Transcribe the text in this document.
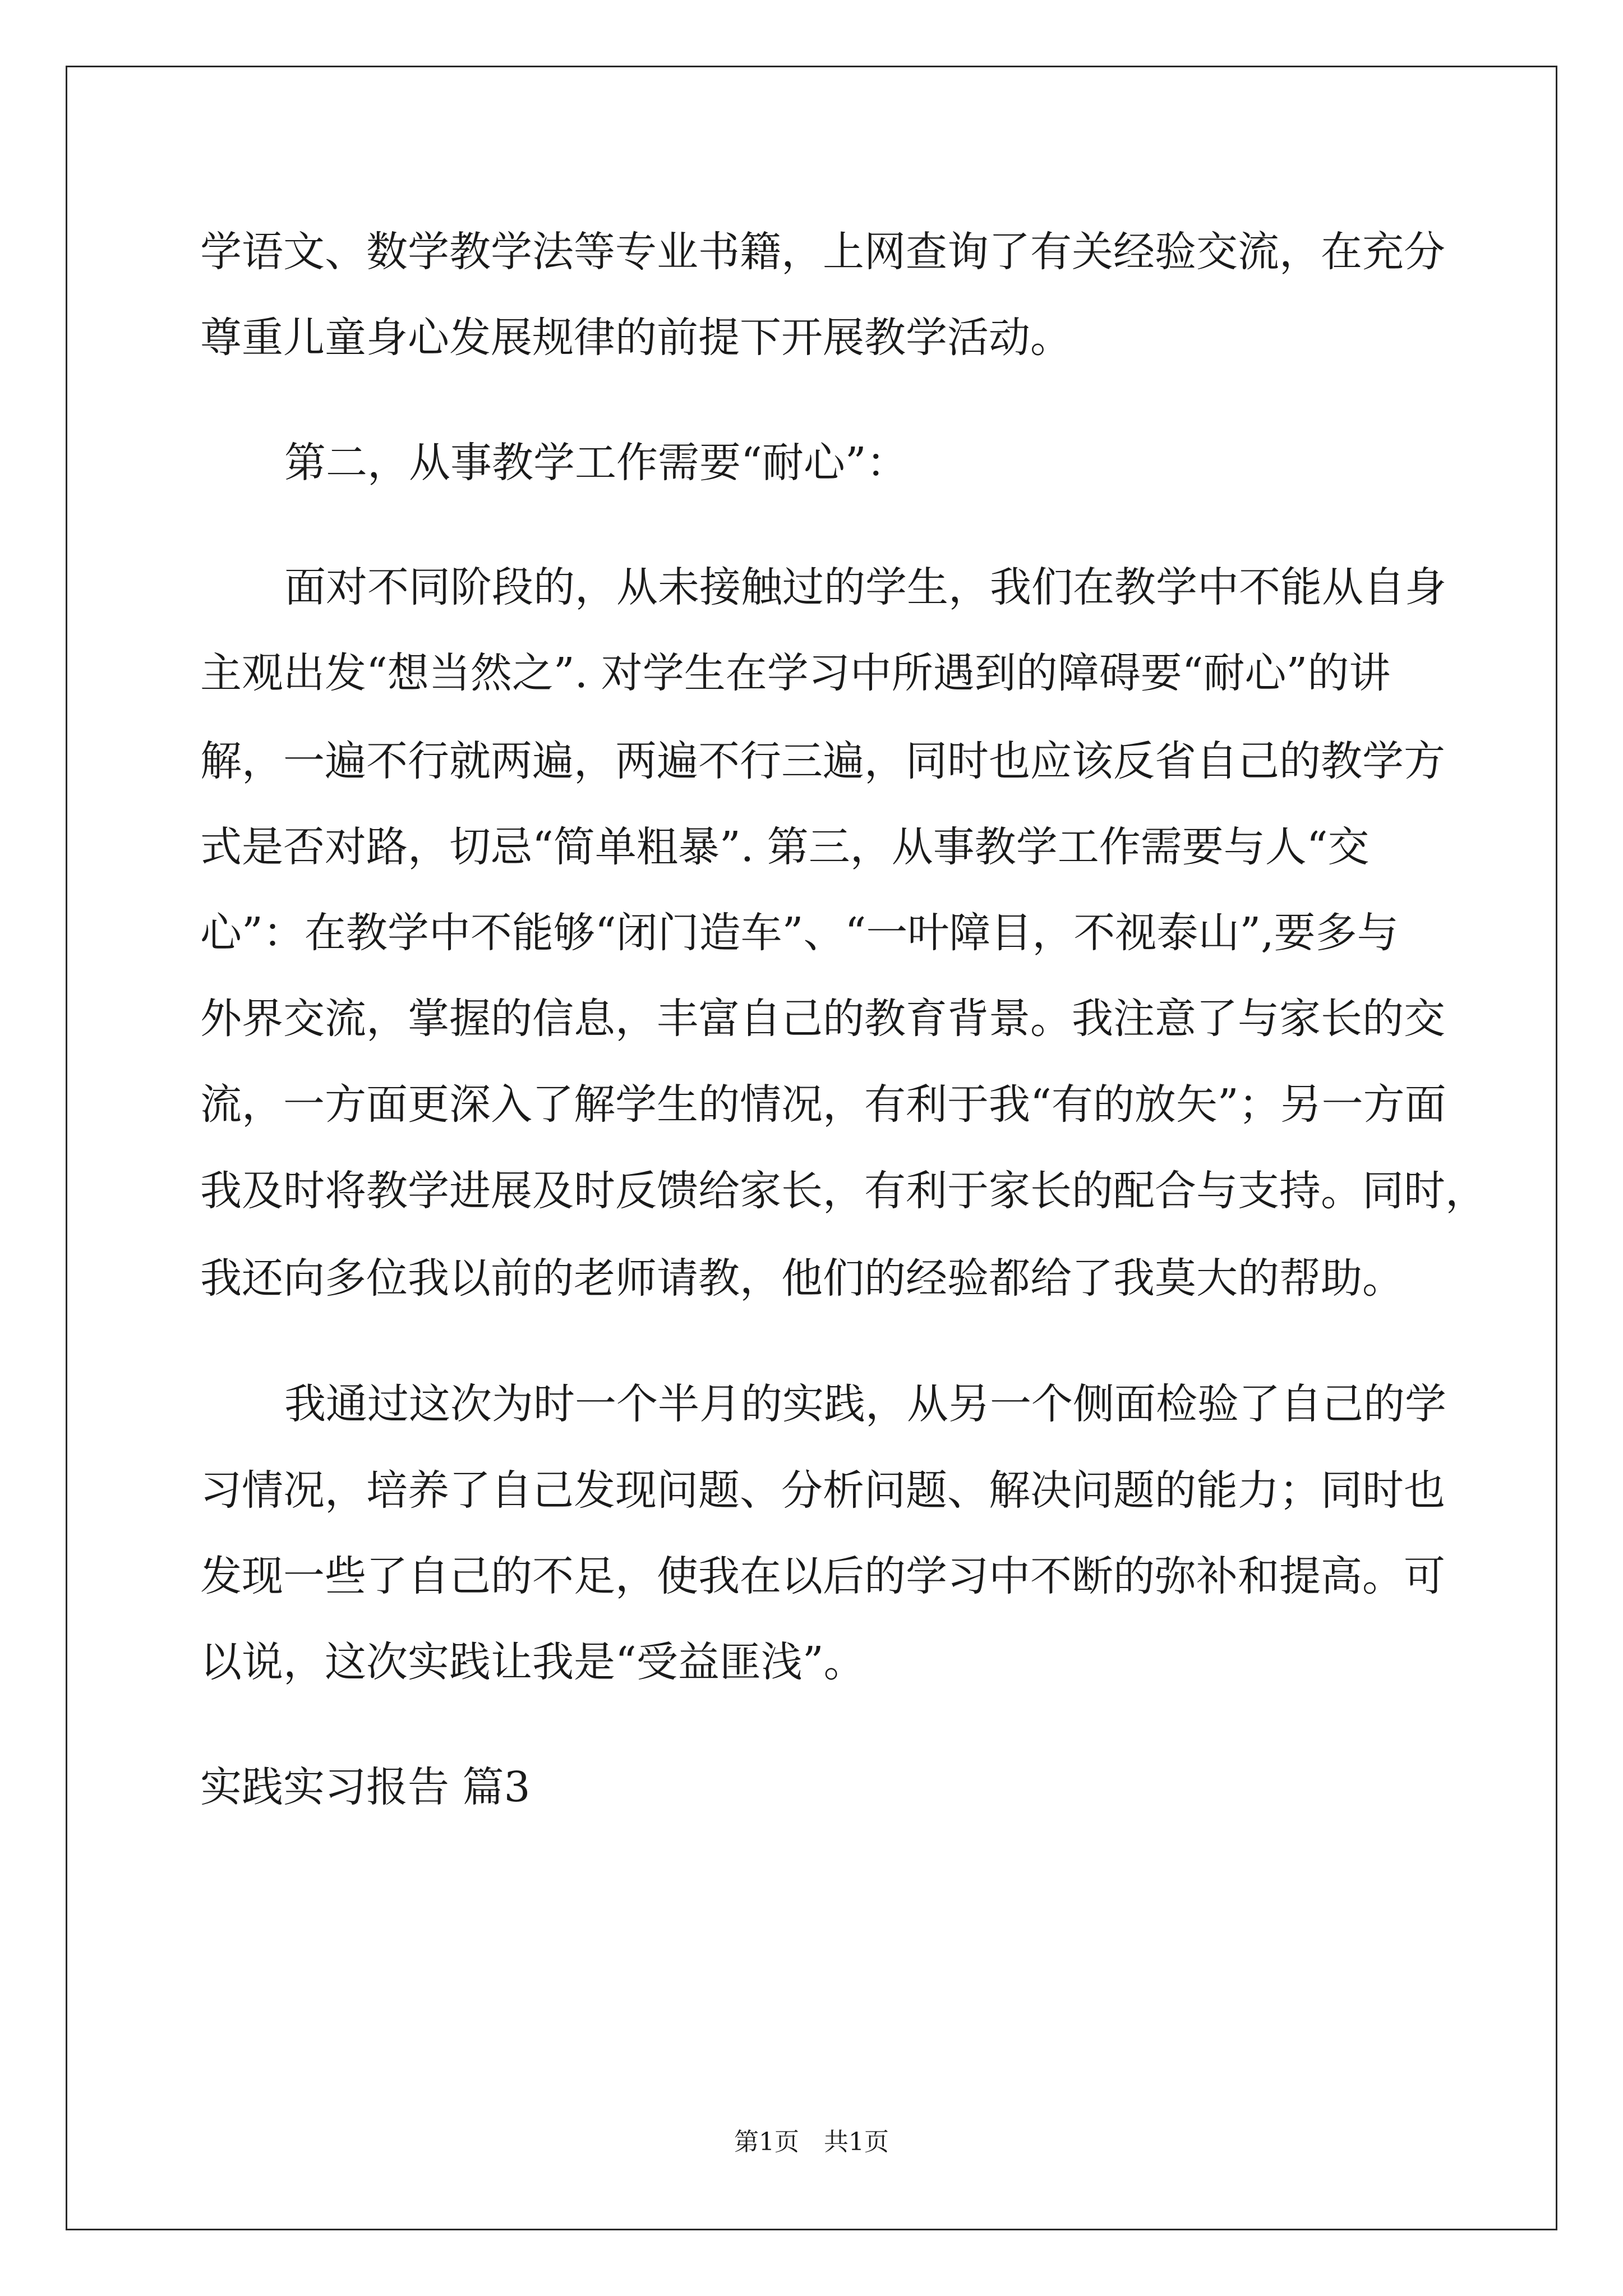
学语文、数学教学法等专业书籍，上网查询了有关经验交流，在充分
尊重儿童身心发展规律的前提下开展教学活动。
第二，从事教学工作需要“耐心”：
面对不同阶段的，从未接触过的学生，我们在教学中不能从自身
主观出发“想当然之”. 对学生在学习中所遇到的障碍要“耐心”的讲
解，一遍不行就两遍，两遍不行三遍，同时也应该反省自己的教学方
式是否对路，切忌“简单粗暴”. 第三，从事教学工作需要与人“交
心”：在教学中不能够“闭门造车”、“一叶障目，不视泰山”,要多与
外界交流，掌握的信息，丰富自己的教育背景。我注意了与家长的交
流，一方面更深入了解学生的情况，有利于我“有的放矢”；另一方面
我及时将教学进展及时反馈给家长，有利于家长的配合与支持。同时，
我还向多位我以前的老师请教，他们的经验都给了我莫大的帮助。
我通过这次为时一个半月的实践，从另一个侧面检验了自己的学
习情况，培养了自己发现问题、分析问题、解决问题的能力；同时也
发现一些了自己的不足，使我在以后的学习中不断的弥补和提高。可
以说，这次实践让我是“受益匪浅”。
实践实习报告 篇3
第1页　共1页
